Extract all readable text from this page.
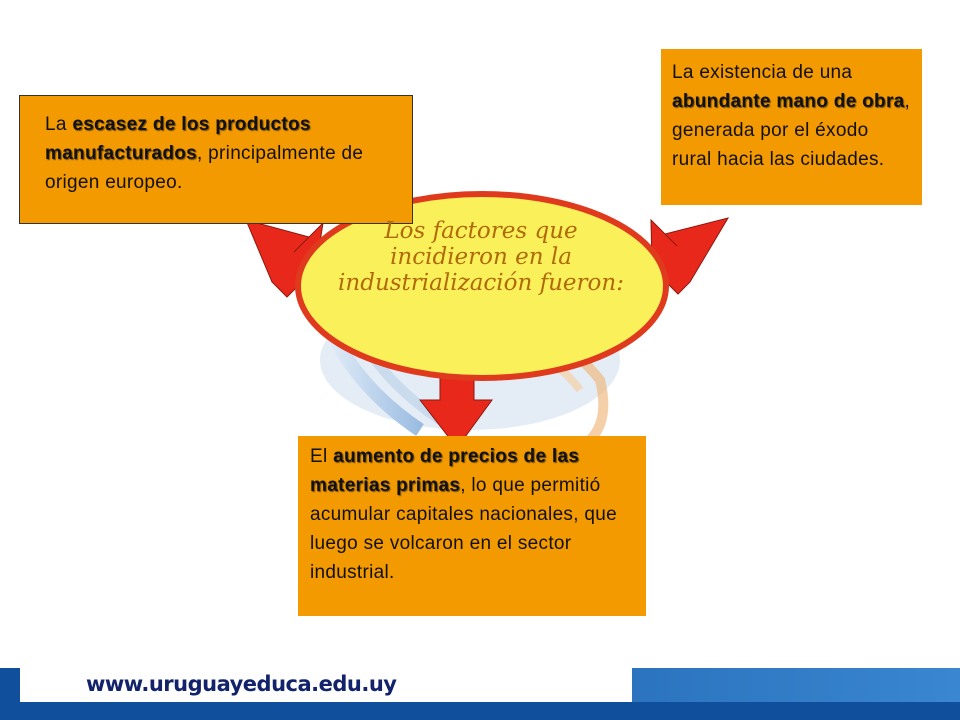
La escasez de los productos manufacturados, principalmente de origen europeo.
La existencia de una abundante mano de obra, generada por el éxodo rural hacia las ciudades.
El aumento de precios de las materias primas, lo que permitió acumular capitales nacionales, que luego se volcaron en el sector industrial.
Los factores que incidieron en la industrialización fueron:
www.uruguayeduca.edu.uy
